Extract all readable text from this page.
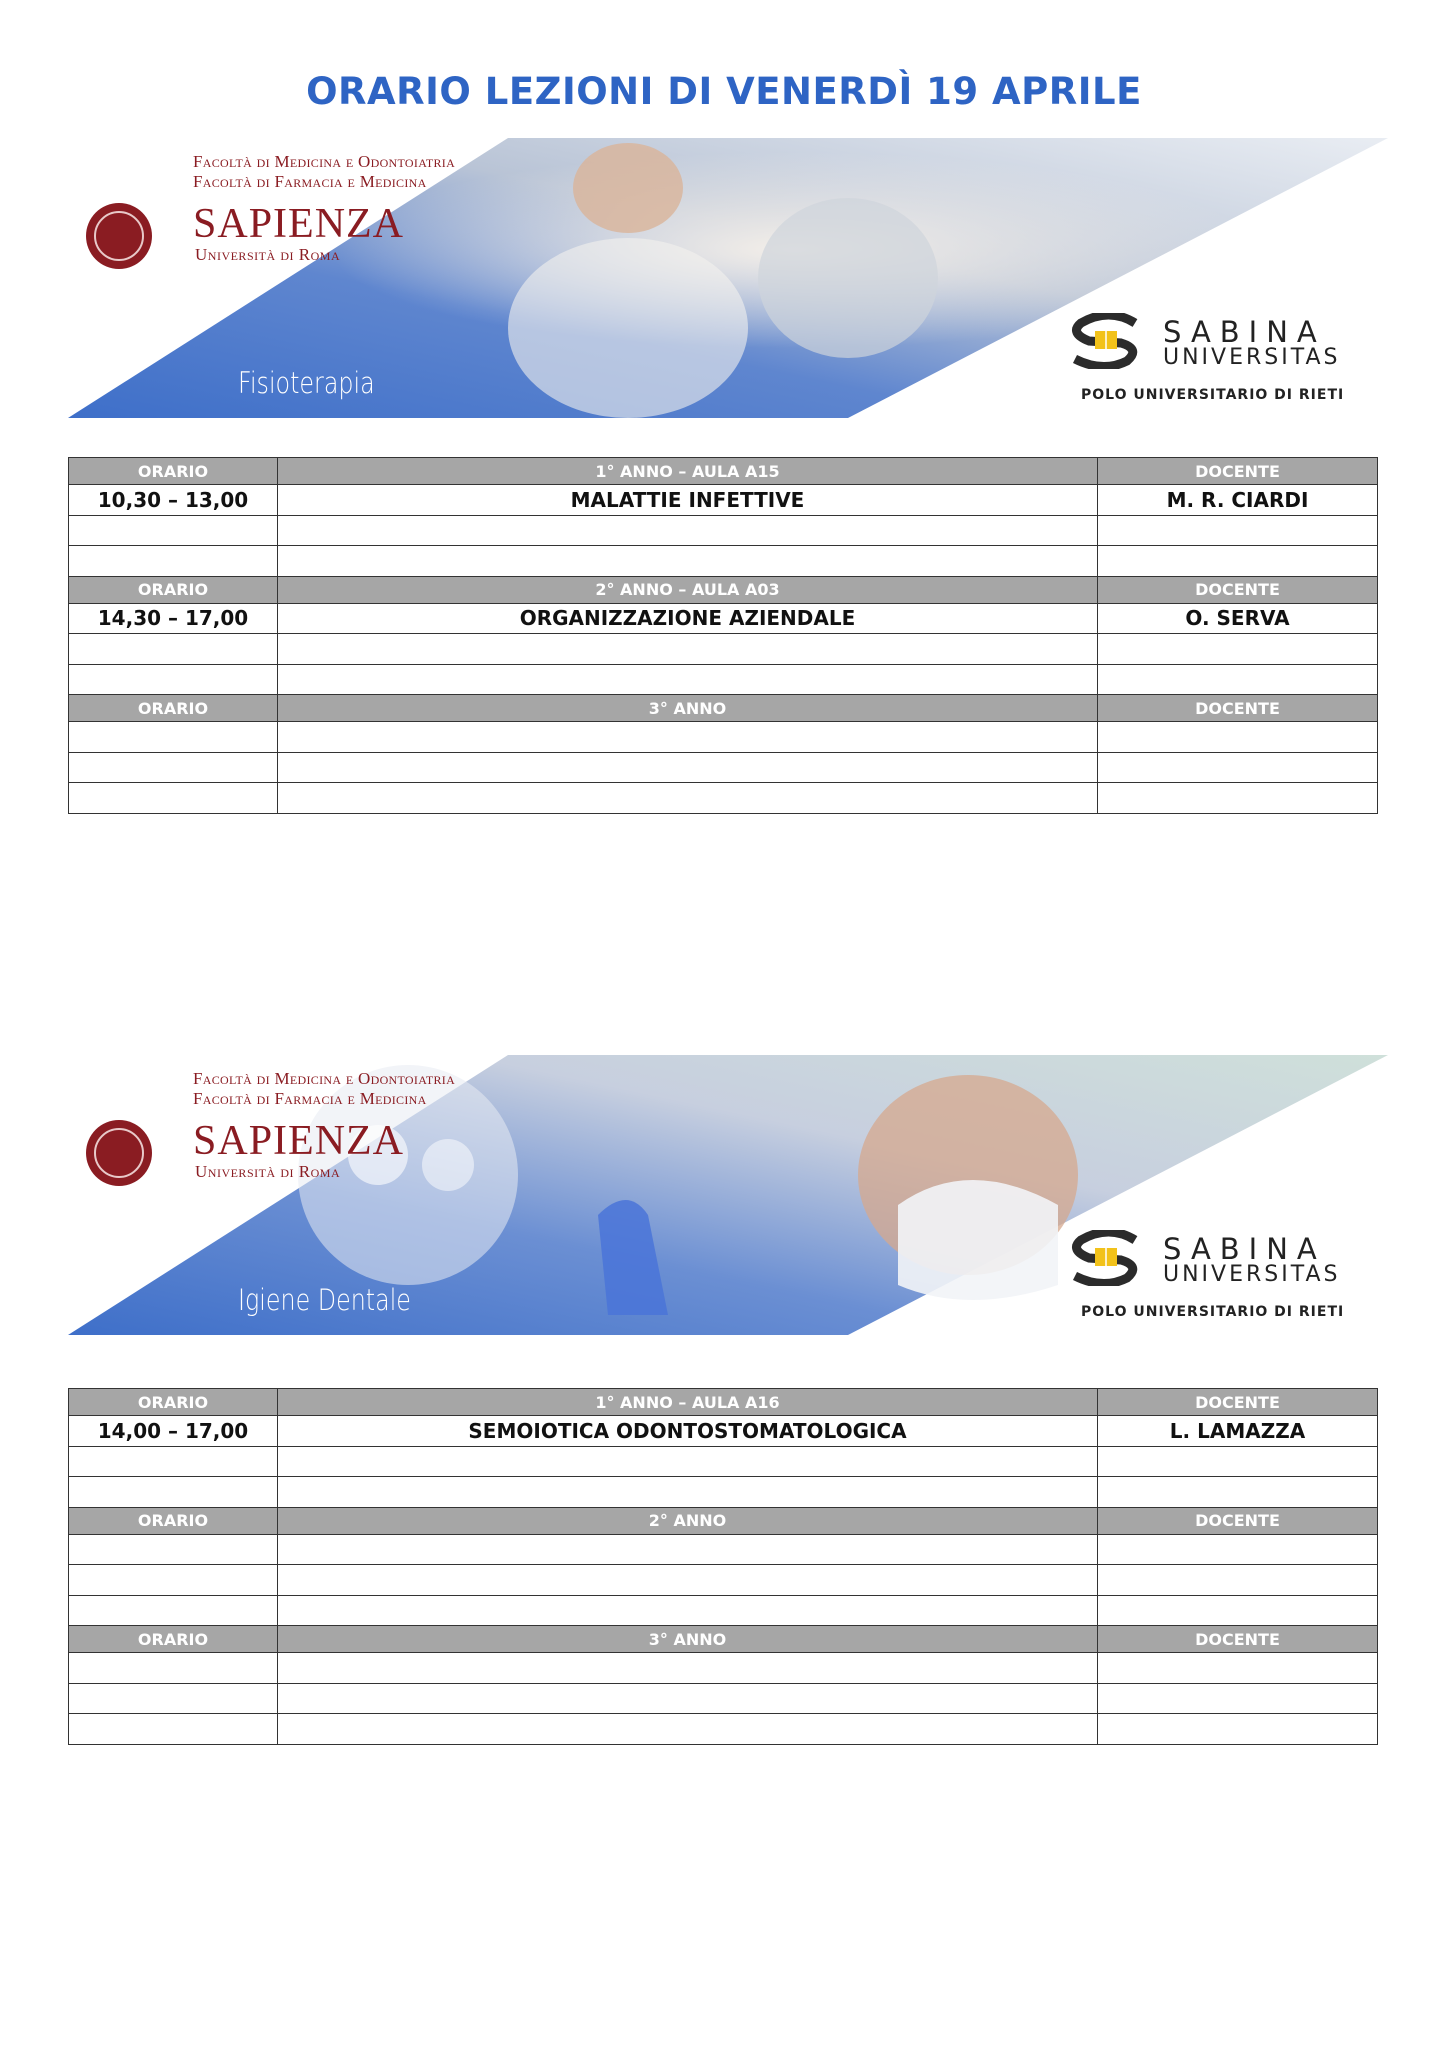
ORARIO LEZIONI DI VENERDÌ 19 APRILE
Facoltà di Medicina e Odontoiatria
Facoltà di Farmacia e Medicina
SAPIENZA
Università di Roma
Fisioterapia
SABINA
UNIVERSITAS
POLO UNIVERSITARIO DI RIETI
ORARIO	1° ANNO – AULA A15	DOCENTE
10,30 – 13,00	MALATTIE INFETTIVE	M. R. CIARDI

ORARIO	2° ANNO – AULA A03	DOCENTE
14,30 – 17,00	ORGANIZZAZIONE AZIENDALE	O. SERVA

ORARIO	3° ANNO	DOCENTE

Facoltà di Medicina e Odontoiatria
Facoltà di Farmacia e Medicina
SAPIENZA
Università di Roma
Igiene Dentale
SABINA
UNIVERSITAS
POLO UNIVERSITARIO DI RIETI
ORARIO	1° ANNO – AULA A16	DOCENTE
14,00 – 17,00	SEMOIOTICA ODONTOSTOMATOLOGICA	L. LAMAZZA

ORARIO	2° ANNO	DOCENTE

ORARIO	3° ANNO	DOCENTE
